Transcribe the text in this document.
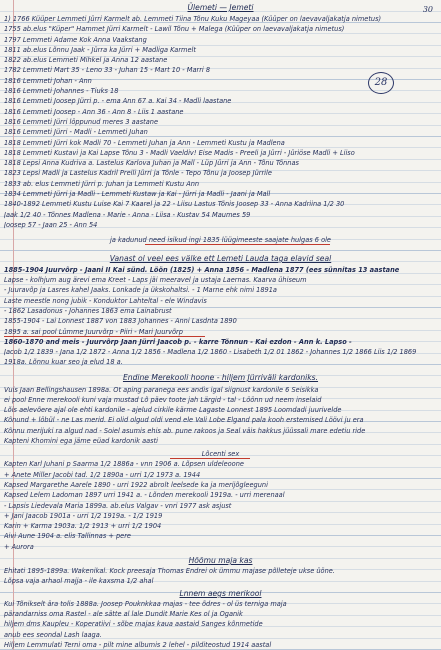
30
28
Ülemeti — Jemeti
1) 1766 Küüper Lemmeti Jürri Karmelt ab. Lemmeti Tiina Tõnu Kuku Mageyaa (Küüper on laevavaljakatja nimetus)
1755 ab.elus "Küper" Hammet Jürri Karmelt - Lawil Tõnu + Malega (Küüper on laevavaljakatja nimetus)
1797 Lemmeti Adame Kok Anna Vaakstang
1811 ab.elus Lõnnu Jaak - Jürra ka Jürri + Madliga Karmelt
1822 ab.elus Lemmeti Mihkel ja Anna 12 aastane
1782 Lemmeti Mart 35 - Leno 33 - Juhan 15 - Mart 10 - Marri 8
1816 Lemmeti Johan - Ann
1816 Lemmeti Johannes - Tiuks 18
1816 Lemmeti Joosep Jürri p. - ema Ann 67 a. Kai 34 - Madli laastane
1816 Lemmeti Joosep - Ann 36 - Ann 8 - Liis 1 aastane
1816 Lemmeti Jürri löppunud meres 3 aastane
1816 Lemmeti Jürri - Madli - Lemmeti Juhan
1818 Lemmeti Jürri kok Madli 70 - Lemmeti Juhan ja Ann - Lemmeti Kustu ja Madlena
1818 Lemmeti Kustavi ja Kai Lapse Tõnu 3 - Madli Vaeldiv! Eise Madis - Preeli ja Jürri - Jüriöse Madli + Liiso
1818 Lepsi Anna Kudriva a. Lastelus Karlova Juhan ja Mall - Lüp Jürri ja Ann - Tõnu Tõnnas
1823 Lepsi Madli ja Lastelus Kadril Preili Jürri ja Tõnle - Tepo Tõnu ja Joosep Jürrile
1833 ab. elus Lemmeti Jürri p. Juhan ja Lemmeti Kustu Ann
1834 Lemmeti Jürri ja Madli - Lemmeti Kustaw ja Kai - Jürri ja Madli - Jaani ja Mall
1840-1892 Lemmeti Kustu Luise Kai 7 Kaarel ja 22 - Liisu Lastus Tõnis Joosep 33 - Anna Kadriina 1/2 30
Jaak 1/2 40 - Tõnnes Madlena - Marie - Anna - Liisa - Kustav 54 Maumes 59
Joosep 57 - Jaan 25 - Ann 54
ja kadunud need isikud ingi 1835 lüügimeeste saajate hulgas 6 ole
Vanast ol veel ees välke ett Lemeti Lauda taga elavid seal
1885-1904 Juurvõrp - Jaani II Kai sünd. Löön (1825) + Anna 1856 - Madlena 1877 (ees sünnitas 13 aastane
Lapse - kolhjum aug ärevi ema Kreet - Laps jäi meeravel ja ustaja Laernas. Kaarva ühiseum
- Juuravõp ja Lasres kahel Jaaks. Lonkade ja ükskohaltsi. - 1 Marne ehk nimi 1891a
Laste meestle nong jubik - Konduktor Lahteltal - ele Windavis
- 1862 Lasadonus - Johannes 1863 ema Lainabrust
1855-1904 - Lai Lonnest 1887 von 1883 Johannes - Anni Lasdnta 1890
1895 a. sai pool Lümme Juurvõrp - Piiri - Mari Juurvõrp
1860-1870 and meis - Juurvõrp Jaan Jürri Jaacob p. - karre Tõnnun - Kai ezdon - Ann k. Lapso -
Jacob 1/2 1839 - Jana 1/2 1872 - Anna 1/2 1856 - Madlena 1/2 1860 - Lisabeth 1/2 01 1862 - Johannes 1/2 1866 Liis 1/2 1869
1918a. Lõnnu kuar seo ja elud 18 a.
Endine Merekooli hoone - hiljem Jürriväli kardoniks.
Vuis Jaan Bellingshausen 1898a. Ot aping paranega ees andis igal siignust kardonile 6 Seisikka
ei pool Enne merekooli kuni vaja mustad Lõ päev toote jah Lärgid - tal - Löönn ud neem inselaid
Lõis aelevõere ajal ole ehti kardonile - ajelud cirkile kärme Lagaste Lonnest 1895 Loomdadi juurivelde
Kõnund + löbül - ne Las merid. Ei olid olgud oldi vend ele Vali Lobe Elgand pala kooh erstemised Löövi ju era
Kõnnu merijuki ra algud nad - Soiel asumis ehis ab. pune rakoos ja Seal väis hakkus jüüssali mare edetiu ride
Kapteni Khomini ega jäme eüad kardonik aasti
Lõcenti sex
Kapten Karl Juhani p Saarma 1/2 1886a - vnn 1906 a. Lõpsen uldeleoone
+ Anete Miller Jacobi tad. 1/2 1890a - urri 1/2 1973 a. 1944
Kapsed Margarethe Aarele 1890 - urri 1922 abrolt leelsede ka ja merijõgleeguni
Kapsed Lelem Ladoman 1897 urri 1941 a. - Lõnden merekooli 1919a. - urri merenaal
- Lapsis Liedevala Maria 1899a. ab.elus Valgav - vnri 1977 ask asjust
+ Jani Jaacob 1901a - urri 1/2 1919a. - 1/2 1919
Karin + Karma 1903a. 1/2 1913 + urri 1/2 1904
Aivi Aune 1904 a. elis Tallinnas + pere
+ Aurora
Hõõmu maja kas
Ehitati 1895-1899a. Wakenikal. Kock preesaja Thomas Endrei ok ümmu majase põlleteje ukse üöne.
Lõpsa vaja arhaol majja - ile kaxsma 1/2 ahal
Lnnem aegs merikool
Kui Tõnikselt ära tolis 1888a. Joosep Pouknkkaa majas - tee õdres - ol üs terniga maja
pärandarniss oma Rastel - ale sätte al lale Dundit Marie Kes ol ja Oganik
hiljem dms Kaupleu - Koperatiivi - sõbe majas kaua aastaid Sanges kõnmetide
anub ees seondal Lash laaga.
Hiljem Lemmulati Terni oma - pilt mine albumis 2 lehel - pilditeostud 1914 aastal
